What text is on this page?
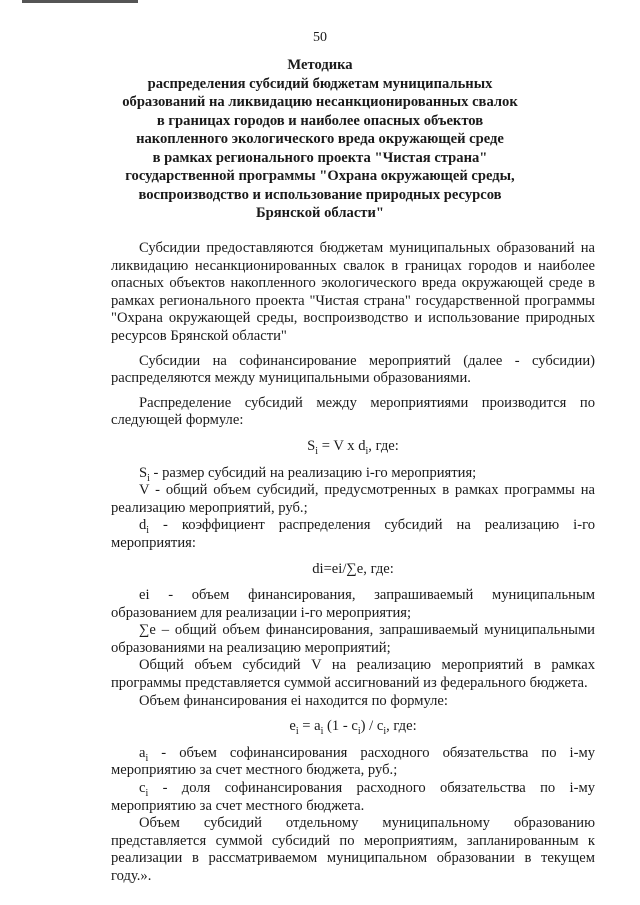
50
Методика
распределения субсидий бюджетам муниципальных
образований на ликвидацию несанкционированных свалок
в границах городов и наиболее опасных объектов
накопленного экологического вреда окружающей среде
в рамках регионального проекта "Чистая страна"
государственной программы "Охрана окружающей среды,
воспроизводство и использование природных ресурсов
Брянской области"

Субсидии предоставляются бюджетам муниципальных образований на ликвидацию несанкционированных свалок в границах городов и наиболее опасных объектов накопленного экологического вреда окружающей среде в рамках регионального проекта "Чистая страна" государственной программы "Охрана окружающей среды, воспроизводство и использование природных ресурсов Брянской области"

Субсидии на софинансирование мероприятий (далее - субсидии) распределяются между муниципальными образованиями.

Распределение субсидий между мероприятиями производится по следующей формуле:

$S_i = V$ x $d_i$, где:

$S_i$ - размер субсидий на реализацию i-го мероприятия;

V - общий объем субсидий, предусмотренных в рамках программы на реализацию мероприятий, руб.;

$d_i$ - коэффициент распределения субсидий на реализацию i-го мероприятия:

di=ei/∑e, где:

ei - объем финансирования, запрашиваемый муниципальным образованием для реализации i-го мероприятия;

∑e – общий объем финансирования, запрашиваемый муниципальными образованиями на реализацию мероприятий;

Общий объем субсидий V на реализацию мероприятий в рамках программы представляется суммой ассигнований из федерального бюджета.

Объем финансирования ei находится по формуле:

$e_i = a_i$ $(1 - c_i) / c_i$, где:

$a_i$ - объем софинансирования расходного обязательства по i-му мероприятию за счет местного бюджета, руб.;

$c_i$ - доля софинансирования расходного обязательства по i-му мероприятию за счет местного бюджета.

Объем субсидий отдельному муниципальному образованию представляется суммой субсидий по мероприятиям, запланированным к реализации в рассматриваемом муниципальном образовании в текущем году.».
